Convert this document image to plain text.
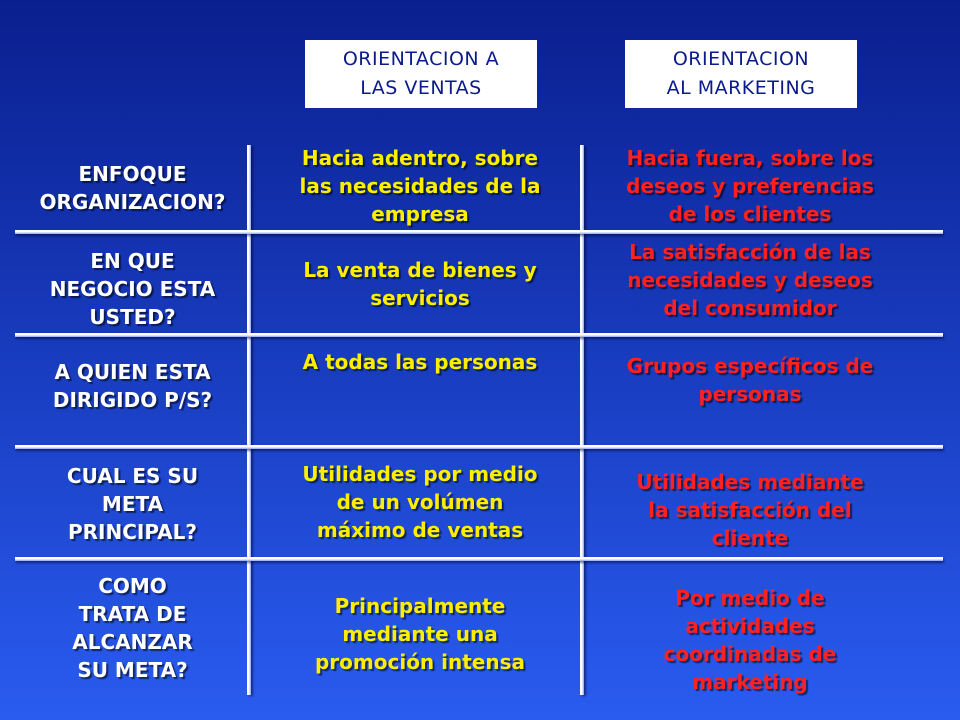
ORIENTACION A
LAS VENTAS
ORIENTACION
AL MARKETING
ENFOQUE
ORGANIZACION?
Hacia adentro, sobre
las necesidades de la
empresa
Hacia fuera, sobre los
deseos y preferencias
de los clientes
EN QUE
NEGOCIO ESTA
USTED?
La venta de bienes y
servicios
La satisfacción de las
necesidades y deseos
del consumidor
A QUIEN ESTA
DIRIGIDO P/S?
A todas las personas	Grupos específicos de
personas
CUAL ES SU
META
PRINCIPAL?
Utilidades por medio
de un volúmen
máximo de ventas
Utilidades mediante
la satisfacción del
cliente
COMO
TRATA DE
ALCANZAR
SU META?
Principalmente
mediante una
promoción intensa
Por medio de
actividades
coordinadas de
marketing
